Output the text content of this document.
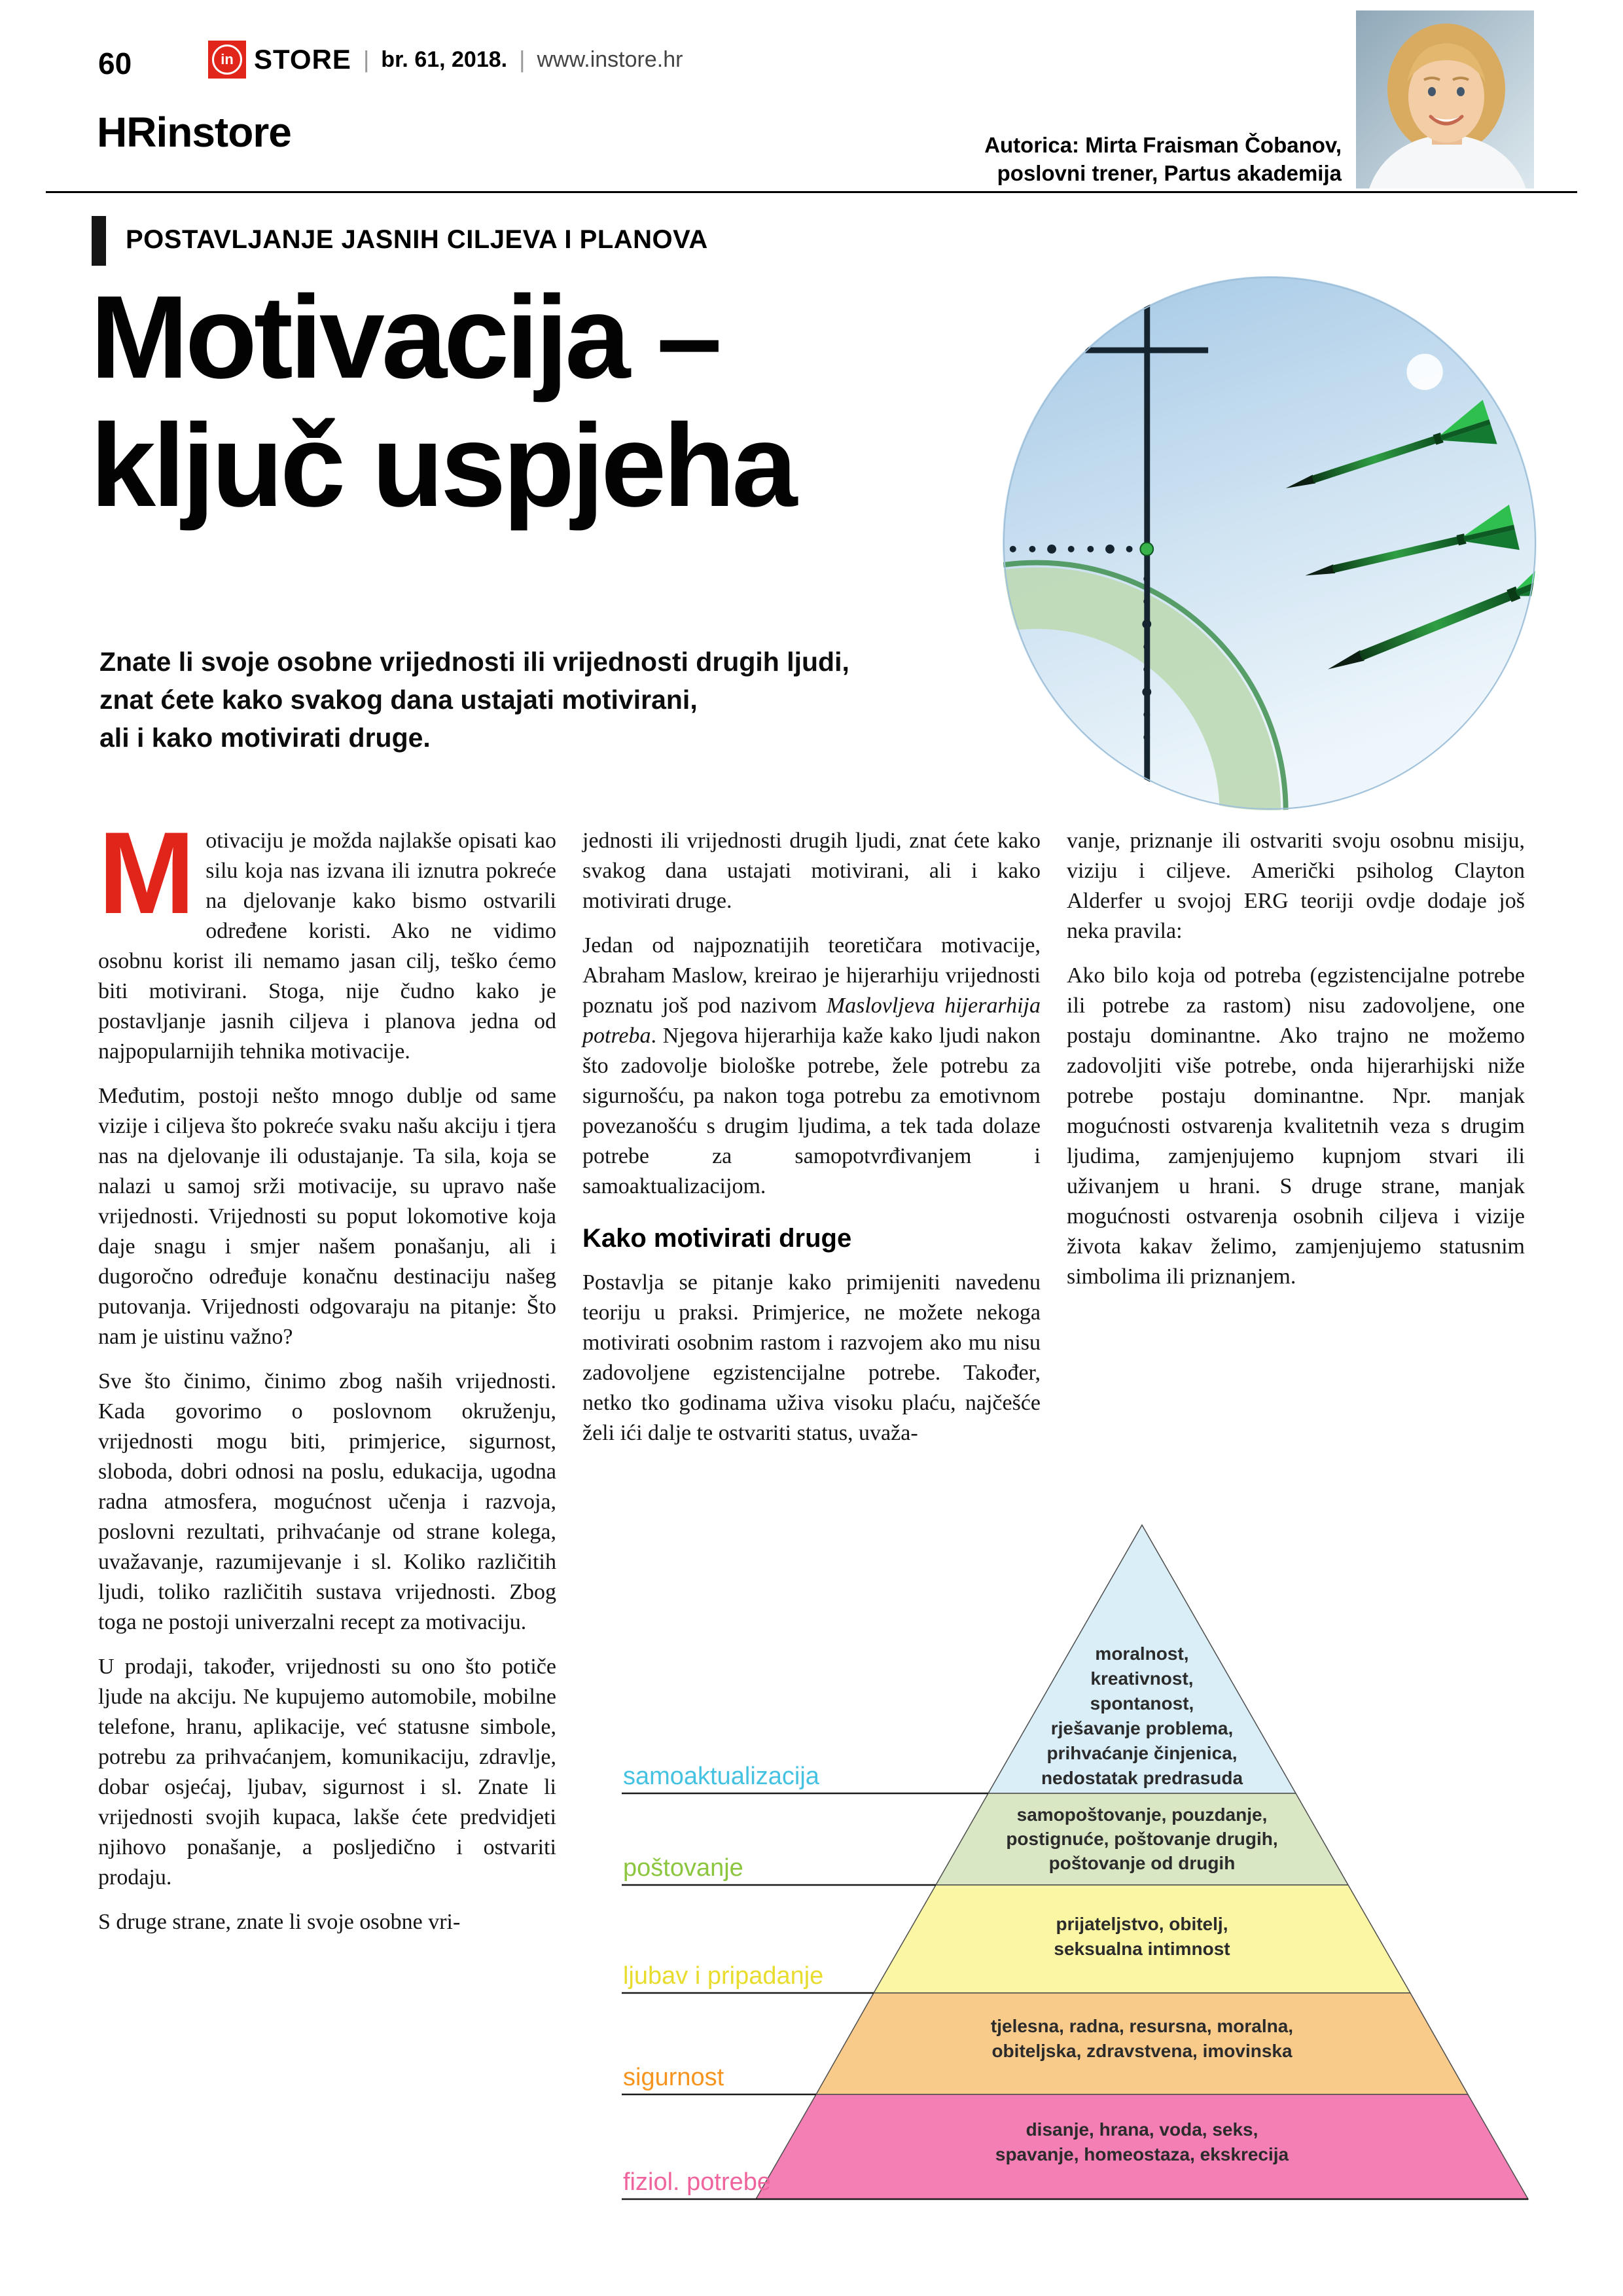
60	in STORE | br. 61, 2018. | www.instore.hr
HRinstore	Autorica: Mirta Fraisman Čobanov,
poslovni trener, Partus akademija
POSTAVLJANJE JASNIH CILJEVA I PLANOVA
Motivacija –
ključ uspjeha
Znate li svoje osobne vrijednosti ili vrijednosti drugih ljudi,
znat ćete kako svakog dana ustajati motivirani,
ali i kako motivirati druge.

Motivaciju je možda najlakše opisati kao silu koja nas izvana ili iznutra pokreće na djelovanje kako bismo ostvarili određene koristi. Ako ne vidimo osobnu korist ili nemamo jasan cilj, teško ćemo biti motivirani. Stoga, nije čudno kako je postavljanje jasnih ciljeva i planova jedna od najpopularnijih tehnika motivacije.

Međutim, postoji nešto mnogo dublje od same vizije i ciljeva što pokreće svaku našu akciju i tjera nas na djelovanje ili odustajanje. Ta sila, koja se nalazi u samoj srži motivacije, su upravo naše vrijednosti. Vrijednosti su poput lokomotive koja daje snagu i smjer našem ponašanju, ali i dugoročno određuje konačnu destinaciju našeg putovanja. Vrijednosti odgovaraju na pitanje: Što nam je uistinu važno?

Sve što činimo, činimo zbog naših vrijednosti. Kada govorimo o poslovnom okruženju, vrijednosti mogu biti, primjerice, sigurnost, sloboda, dobri odnosi na poslu, edukacija, ugodna radna atmosfera, mogućnost učenja i razvoja, poslovni rezultati, prihvaćanje od strane kolega, uvažavanje, razumijevanje i sl. Koliko različitih ljudi, toliko različitih sustava vrijednosti. Zbog toga ne postoji univerzalni recept za motivaciju.

U prodaji, također, vrijednosti su ono što potiče ljude na akciju. Ne kupujemo automobile, mobilne telefone, hranu, aplikacije, već statusne simbole, potrebu za prihvaćanjem, komunikaciju, zdravlje, dobar osjećaj, ljubav, sigurnost i sl. Znate li vrijednosti svojih kupaca, lakše ćete predvidjeti njihovo ponašanje, a posljedično i ostvariti prodaju.

S druge strane, znate li svoje osobne vri-

jednosti ili vrijednosti drugih ljudi, znat ćete kako svakog dana ustajati motivirani, ali i kako motivirati druge.

Jedan od najpoznatijih teoretičara motivacije, Abraham Maslow, kreirao je hijerarhiju vrijednosti poznatu još pod nazivom Maslovljeva hijerarhija potreba. Njegova hijerarhija kaže kako ljudi nakon što zadovolje biološke potrebe, žele potrebu za sigurnošću, pa nakon toga potrebu za emotivnom povezanošću s drugim ljudima, a tek tada dolaze potrebe za samopotvrđivanjem i samoaktualizacijom.

Kako motivirati druge

Postavlja se pitanje kako primijeniti navedenu teoriju u praksi. Primjerice, ne možete nekoga motivirati osobnim rastom i razvojem ako mu nisu zadovoljene egzistencijalne potrebe. Također, netko tko godinama uživa visoku plaću, najčešće želi ići dalje te ostvariti status, uvaža-

vanje, priznanje ili ostvariti svoju osobnu misiju, viziju i ciljeve. Američki psiholog Clayton Alderfer u svojoj ERG teoriji ovdje dodaje još neka pravila:

Ako bilo koja od potreba (egzistencijalne potrebe ili potrebe za rastom) nisu zadovoljene, one postaju dominantne. Ako trajno ne možemo zadovoljiti više potrebe, onda hijerarhijski niže potrebe postaju dominantne. Npr. manjak mogućnosti ostvarenja kvalitetnih veza s drugim ljudima, zamjenjujemo kupnjom stvari ili uživanjem u hrani. S druge strane, manjak mogućnosti ostvarenja osobnih ciljeva i vizije života kakav želimo, zamjenjujemo statusnim simbolima ili priznanjem.

samoaktualizacija
poštovanje
ljubav i pripadanje
sigurnost
fiziol. potrebe
moralnost,
kreativnost,
spontanost,
rješavanje problema,
prihvaćanje činjenica,
nedostatak predrasuda
samopoštovanje, pouzdanje,
postignuće, poštovanje drugih,
poštovanje od drugih
prijateljstvo, obitelj,
seksualna intimnost
tjelesna, radna, resursna, moralna,
obiteljska, zdravstvena, imovinska
disanje, hrana, voda, seks,
spavanje, homeostaza, ekskrecija
